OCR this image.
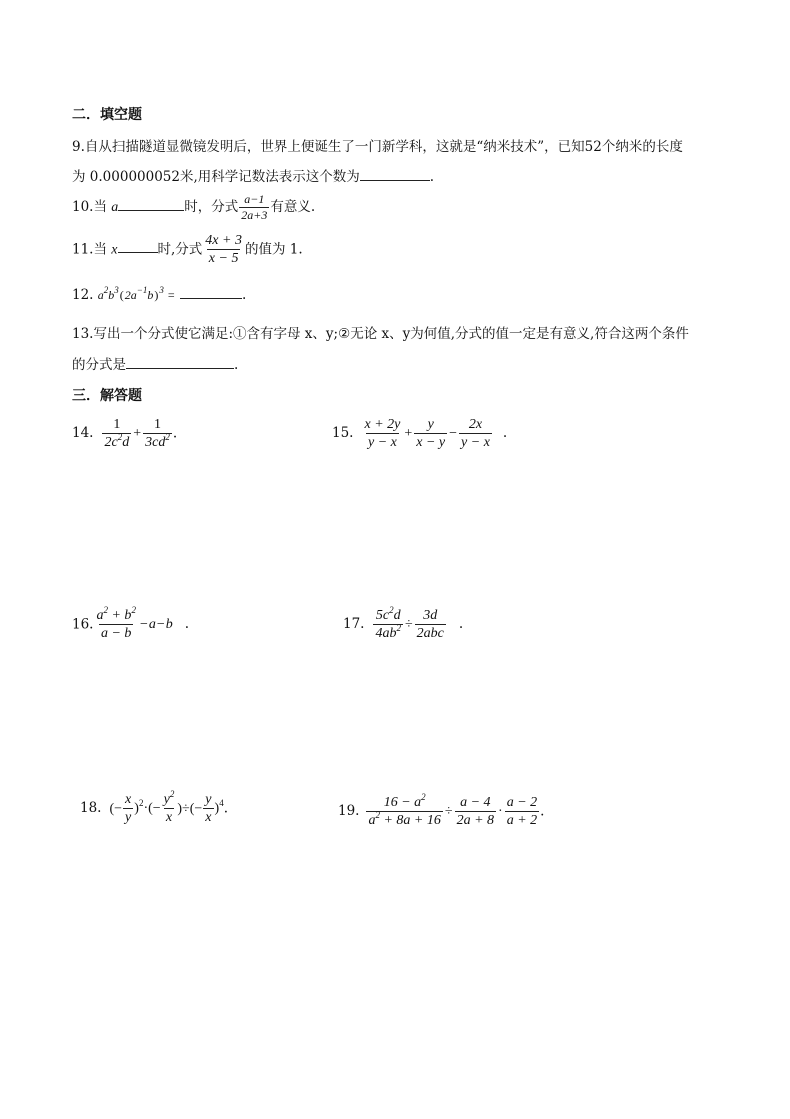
二．填空题
9.自从扫描隧道显微镜发明后，世界上便诞生了一门新学科，这就是“纳米技术”，已知52个纳米的长度
为 0.000000052米,用科学记数法表示这个数为	.
10.当 a	时，分式 $\frac{a-1}{2a+3}$ 有意义.
11.当 x	时,分式 $\frac{4x + 3}{x - 5}$ 的值为 1.
12. $a^2b^3(2a^{-1}b)^3$ =	.
13.写出一个分式使它满足:①含有字母 x、y;②无论 x、y为何值,分式的值一定是有意义,符合这两个条件
的分式是	.
三．解答题
14. $\frac{1}{2c^2d} + \frac{1}{3cd^2}$ .	15. $\frac{x + 2y}{y - x} + \frac{y}{x - y} - \frac{2x}{y - x}$ .
16. $\frac{a^2 + b^2}{a - b} -a-b$ .	17. $\frac{5c^2d}{4ab^2} \div \frac{3d}{\text{2abc}}$ .
18. (− $\frac{x}{y} )^2\cdot(- \frac{y^2}{x}$ )÷(− $\frac{y}{x} )^4$.	19. $\frac{16 - a^2}{a^2 + 8a + 16} \div \frac{a - 4}{2a + 8} \cdot \frac{a - 2}{a + 2}$ .
